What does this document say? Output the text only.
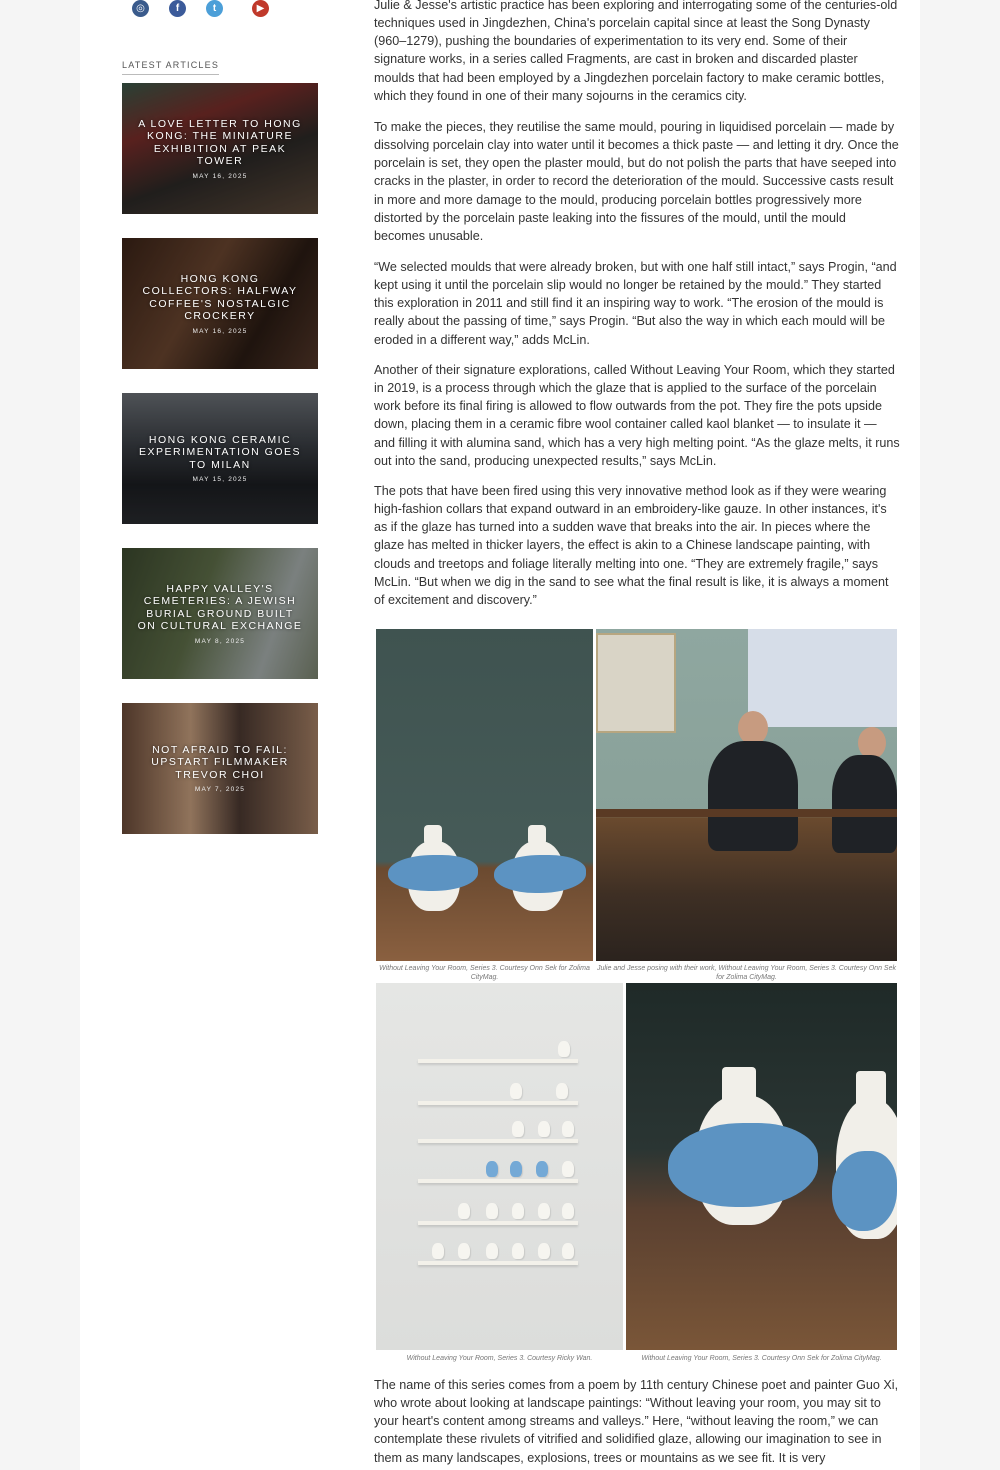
◎	f	t	▶
LATEST ARTICLES
A LOVE LETTER TO HONG KONG: THE MINIATURE EXHIBITION AT PEAK TOWER
MAY 16, 2025
HONG KONG COLLECTORS: HALFWAY COFFEE'S NOSTALGIC CROCKERY
MAY 16, 2025
HONG KONG CERAMIC EXPERIMENTATION GOES TO MILAN
MAY 15, 2025
HAPPY VALLEY'S CEMETERIES: A JEWISH BURIAL GROUND BUILT ON CULTURAL EXCHANGE
MAY 8, 2025
NOT AFRAID TO FAIL: UPSTART FILMMAKER TREVOR CHOI
MAY 7, 2025

Julie & Jesse's artistic practice has been exploring and interrogating some of the centuries-old techniques used in Jingdezhen, China's porcelain capital since at least the Song Dynasty (960–1279), pushing the boundaries of experimentation to its very end. Some of their signature works, in a series called Fragments, are cast in broken and discarded plaster moulds that had been employed by a Jingdezhen porcelain factory to make ceramic bottles, which they found in one of their many sojourns in the ceramics city.

To make the pieces, they reutilise the same mould, pouring in liquidised porcelain — made by dissolving porcelain clay into water until it becomes a thick paste — and letting it dry. Once the porcelain is set, they open the plaster mould, but do not polish the parts that have seeped into cracks in the plaster, in order to record the deterioration of the mould. Successive casts result in more and more damage to the mould, producing porcelain bottles progressively more distorted by the porcelain paste leaking into the fissures of the mould, until the mould becomes unusable.

“We selected moulds that were already broken, but with one half still intact,” says Progin, “and kept using it until the porcelain slip would no longer be retained by the mould.” They started this exploration in 2011 and still find it an inspiring way to work. “The erosion of the mould is really about the passing of time,” says Progin. “But also the way in which each mould will be eroded in a different way,” adds McLin.

Another of their signature explorations, called Without Leaving Your Room, which they started in 2019, is a process through which the glaze that is applied to the surface of the porcelain work before its final firing is allowed to flow outwards from the pot. They fire the pots upside down, placing them in a ceramic fibre wool container called kaol blanket — to insulate it — and filling it with alumina sand, which has a very high melting point. “As the glaze melts, it runs out into the sand, producing unexpected results,” says McLin.

The pots that have been fired using this very innovative method look as if they were wearing high-fashion collars that expand outward in an embroidery-like gauze. In other instances, it's as if the glaze has turned into a sudden wave that breaks into the air. In pieces where the glaze has melted in thicker layers, the effect is akin to a Chinese landscape painting, with clouds and treetops and foliage literally melting into one. “They are extremely fragile,” says McLin. “But when we dig in the sand to see what the final result is like, it is always a moment of excitement and discovery.”

The name of this series comes from a poem by 11th century Chinese poet and painter Guo Xi, who wrote about looking at landscape paintings: “Without leaving your room, you may sit to your heart's content among streams and valleys.” Here, “without leaving the room,” we can contemplate these rivulets of vitrified and solidified glaze, allowing our imagination to see in them as many landscapes, explosions, trees or mountains as we see fit. It is very

Without Leaving Your Room, Series 3. Courtesy Onn Sek for Zolima CityMag.
Julie and Jesse posing with their work, Without Leaving Your Room, Series 3. Courtesy Onn Sek for Zolima CityMag.
Without Leaving Your Room, Series 3. Courtesy Ricky Wan.	Without Leaving Your Room, Series 3. Courtesy Onn Sek for Zolima CityMag.
